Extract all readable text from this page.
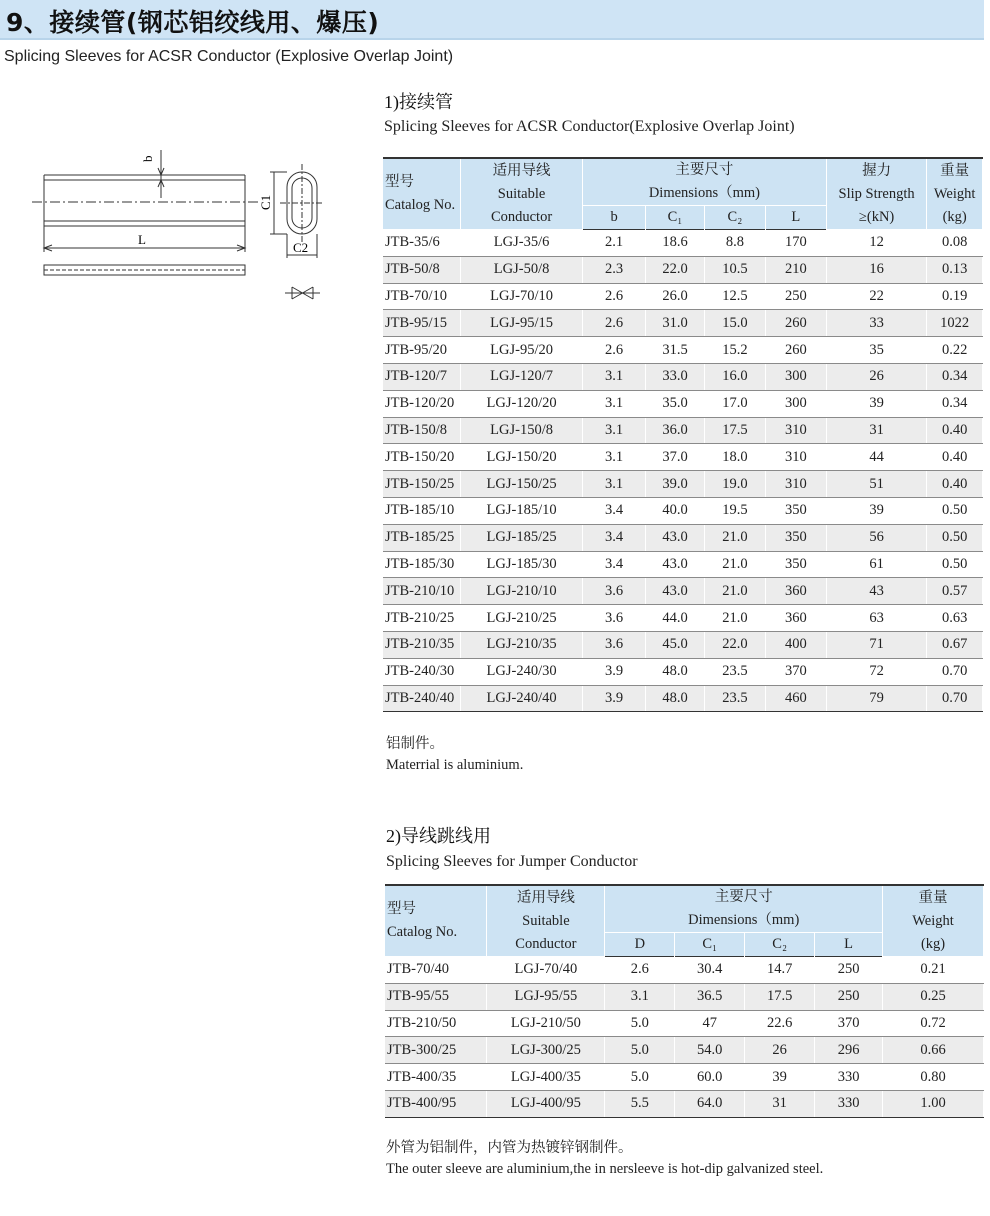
9、接续管(钢芯铝绞线用、爆压)
Splicing Sleeves for ACSR Conductor (Explosive Overlap Joint)
b
L
C1
C2
1)接续管
Splicing Sleeves for ACSR Conductor(Explosive Overlap Joint)
型号
Catalog No.	适用导线
Suitable
Conductor	主要尺寸
Dimensions（mm)				握力
Slip Strength
≥(kN)	重量
Weight
(kg)

		b	C₁	C₂	L		
JTB-35/6	LGJ-35/6	2.1	18.6	8.8	170	12	0.08
JTB-50/8	LGJ-50/8	2.3	22.0	10.5	210	16	0.13
JTB-70/10	LGJ-70/10	2.6	26.0	12.5	250	22	0.19
JTB-95/15	LGJ-95/15	2.6	31.0	15.0	260	33	1022
JTB-95/20	LGJ-95/20	2.6	31.5	15.2	260	35	0.22
JTB-120/7	LGJ-120/7	3.1	33.0	16.0	300	26	0.34
JTB-120/20	LGJ-120/20	3.1	35.0	17.0	300	39	0.34
JTB-150/8	LGJ-150/8	3.1	36.0	17.5	310	31	0.40
JTB-150/20	LGJ-150/20	3.1	37.0	18.0	310	44	0.40
JTB-150/25	LGJ-150/25	3.1	39.0	19.0	310	51	0.40
JTB-185/10	LGJ-185/10	3.4	40.0	19.5	350	39	0.50
JTB-185/25	LGJ-185/25	3.4	43.0	21.0	350	56	0.50
JTB-185/30	LGJ-185/30	3.4	43.0	21.0	350	61	0.50
JTB-210/10	LGJ-210/10	3.6	43.0	21.0	360	43	0.57
JTB-210/25	LGJ-210/25	3.6	44.0	21.0	360	63	0.63
JTB-210/35	LGJ-210/35	3.6	45.0	22.0	400	71	0.67
JTB-240/30	LGJ-240/30	3.9	48.0	23.5	370	72	0.70
JTB-240/40	LGJ-240/40	3.9	48.0	23.5	460	79	0.70
铝制件。
Materrial is aluminium.
2)导线跳线用
Splicing Sleeves for Jumper Conductor
型号
Catalog No.	适用导线
Suitable
Conductor	主要尺寸
Dimensions（mm)				重量
Weight
(kg)

		D	C₁	C₂	L	
JTB-70/40	LGJ-70/40	2.6	30.4	14.7	250	0.21
JTB-95/55	LGJ-95/55	3.1	36.5	17.5	250	0.25
JTB-210/50	LGJ-210/50	5.0	47	22.6	370	0.72
JTB-300/25	LGJ-300/25	5.0	54.0	26	296	0.66
JTB-400/35	LGJ-400/35	5.0	60.0	39	330	0.80
JTB-400/95	LGJ-400/95	5.5	64.0	31	330	1.00
外管为铝制件，内管为热镀锌钢制件。
The outer sleeve are aluminium,the in nersleeve is hot-dip galvanized steel.
